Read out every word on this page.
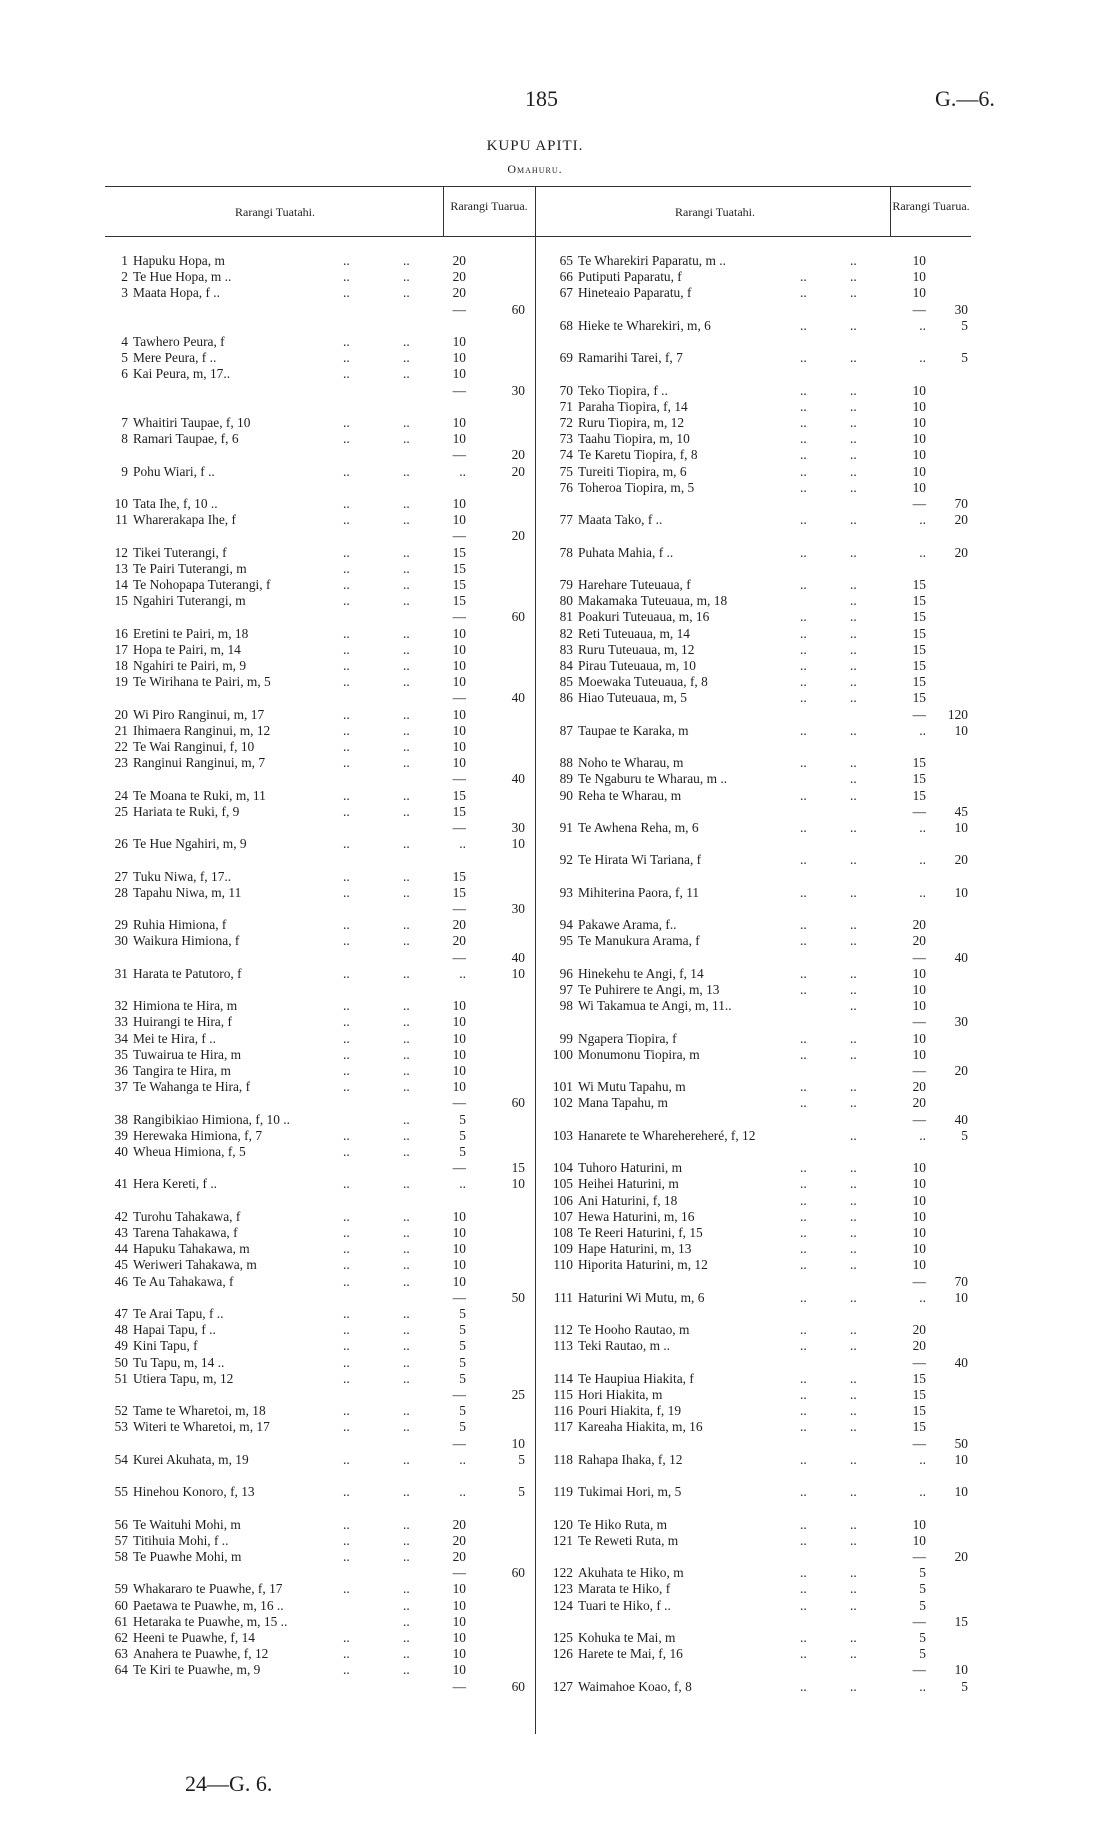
185	G.—6.
KUPU APITI.
Omahuru.
Rarangi Tuatahi.	Rarangi Tuarua.	Rarangi Tuatahi.	Rarangi Tuarua.
1 Hapuku Hopa, m	..	..	20
2 Te Hue Hopa, m ..	..	..	20
3 Maata Hopa, f ..	..	..	20
—	60
4 Tawhero Peura, f	..	..	10
5 Mere Peura, f ..	..	..	10
6 Kai Peura, m, 17..	..	..	10
—	30
7 Whaitiri Taupae, f, 10	..	..	10
8 Ramari Taupae, f, 6	..	..	10
—	20
9 Pohu Wiari, f ..	..	..	..	20
10 Tata Ihe, f, 10 ..	..	..	10
11 Wharerakapa Ihe, f	..	..	10
—	20
12 Tikei Tuterangi, f	..	..	15
13 Te Pairi Tuterangi, m	..	..	15
14 Te Nohopapa Tuterangi, f	..	..	15
15 Ngahiri Tuterangi, m	..	..	15
—	60
16 Eretini te Pairi, m, 18	..	..	10
17 Hopa te Pairi, m, 14	..	..	10
18 Ngahiri te Pairi, m, 9	..	..	10
19 Te Wirihana te Pairi, m, 5	..	..	10
—	40
20 Wi Piro Ranginui, m, 17	..	..	10
21 Ihimaera Ranginui, m, 12	..	..	10
22 Te Wai Ranginui, f, 10	..	..	10
23 Ranginui Ranginui, m, 7	..	..	10
—	40
24 Te Moana te Ruki, m, 11	..	..	15
25 Hariata te Ruki, f, 9	..	..	15
—	30
26 Te Hue Ngahiri, m, 9	..	..	..	10
27 Tuku Niwa, f, 17..	..	..	15
28 Tapahu Niwa, m, 11	..	..	15
—	30
29 Ruhia Himiona, f	..	..	20
30 Waikura Himiona, f	..	..	20
—	40
31 Harata te Patutoro, f	..	..	..	10
32 Himiona te Hira, m	..	..	10
33 Huirangi te Hira, f	..	..	10
34 Mei te Hira, f ..	..	..	10
35 Tuwairua te Hira, m	..	..	10
36 Tangira te Hira, m	..	..	10
37 Te Wahanga te Hira, f	..	..	10
—	60
38 Rangibikiao Himiona, f, 10 ..	..	5
39 Herewaka Himiona, f, 7	..	..	5
40 Wheua Himiona, f, 5	..	..	5
—	15
41 Hera Kereti, f ..	..	..	..	10
42 Turohu Tahakawa, f	..	..	10
43 Tarena Tahakawa, f	..	..	10
44 Hapuku Tahakawa, m	..	..	10
45 Weriweri Tahakawa, m	..	..	10
46 Te Au Tahakawa, f	..	..	10
—	50
47 Te Arai Tapu, f ..	..	..	5
48 Hapai Tapu, f ..	..	..	5
49 Kini Tapu, f	..	..	5
50 Tu Tapu, m, 14 ..	..	..	5
51 Utiera Tapu, m, 12	..	..	5
—	25
52 Tame te Wharetoi, m, 18	..	..	5
53 Witeri te Wharetoi, m, 17	..	..	5
—	10
54 Kurei Akuhata, m, 19	..	..	..	5
55 Hinehou Konoro, f, 13	..	..	..	5
56 Te Waituhi Mohi, m	..	..	20
57 Titihuia Mohi, f ..	..	..	20
58 Te Puawhe Mohi, m	..	..	20
—	60
59 Whakararo te Puawhe, f, 17	..	..	10
60 Paetawa te Puawhe, m, 16 ..	..	10
61 Hetaraka te Puawhe, m, 15 ..	..	10
62 Heeni te Puawhe, f, 14	..	..	10
63 Anahera te Puawhe, f, 12	..	..	10
64 Te Kiri te Puawhe, m, 9	..	..	10
—	60
65 Te Wharekiri Paparatu, m ..	..	10
66 Putiputi Paparatu, f	..	..	10
67 Hineteaio Paparatu, f	..	..	10
—	30
68 Hieke te Wharekiri, m, 6	..	..	..	5
69 Ramarihi Tarei, f, 7	..	..	..	5
70 Teko Tiopira, f ..	..	..	10
71 Paraha Tiopira, f, 14	..	..	10
72 Ruru Tiopira, m, 12	..	..	10
73 Taahu Tiopira, m, 10	..	..	10
74 Te Karetu Tiopira, f, 8	..	..	10
75 Tureiti Tiopira, m, 6	..	..	10
76 Toheroa Tiopira, m, 5	..	..	10
—	70
77 Maata Tako, f ..	..	..	..	20
78 Puhata Mahia, f ..	..	..	..	20
79 Harehare Tuteuaua, f	..	..	15
80 Makamaka Tuteuaua, m, 18	..	15
81 Poakuri Tuteuaua, m, 16	..	..	15
82 Reti Tuteuaua, m, 14	..	..	15
83 Ruru Tuteuaua, m, 12	..	..	15
84 Pirau Tuteuaua, m, 10	..	..	15
85 Moewaka Tuteuaua, f, 8	..	..	15
86 Hiao Tuteuaua, m, 5	..	..	15
—	120
87 Taupae te Karaka, m	..	..	..	10
88 Noho te Wharau, m	..	..	15
89 Te Ngaburu te Wharau, m ..	..	15
90 Reha te Wharau, m	..	..	15
—	45
91 Te Awhena Reha, m, 6	..	..	..	10
92 Te Hirata Wi Tariana, f	..	..	..	20
93 Mihiterina Paora, f, 11	..	..	..	10
94 Pakawe Arama, f..	..	..	20
95 Te Manukura Arama, f	..	..	20
—	40
96 Hinekehu te Angi, f, 14	..	..	10
97 Te Puhirere te Angi, m, 13	..	..	10
98 Wi Takamua te Angi, m, 11..	..	10
—	30
99 Ngapera Tiopira, f	..	..	10
100 Monumonu Tiopira, m	..	..	10
—	20
101 Wi Mutu Tapahu, m	..	..	20
102 Mana Tapahu, m	..	..	20
—	40
103 Hanarete te Wharehereheré, f, 12	..	..	5
104 Tuhoro Haturini, m	..	..	10
105 Heihei Haturini, m	..	..	10
106 Ani Haturini, f, 18	..	..	10
107 Hewa Haturini, m, 16	..	..	10
108 Te Reeri Haturini, f, 15	..	..	10
109 Hape Haturini, m, 13	..	..	10
110 Hiporita Haturini, m, 12	..	..	10
—	70
111 Haturini Wi Mutu, m, 6	..	..	..	10
112 Te Hooho Rautao, m	..	..	20
113 Teki Rautao, m ..	..	..	20
—	40
114 Te Haupiua Hiakita, f	..	..	15
115 Hori Hiakita, m	..	..	15
116 Pouri Hiakita, f, 19	..	..	15
117 Kareaha Hiakita, m, 16	..	..	15
—	50
118 Rahapa Ihaka, f, 12	..	..	..	10
119 Tukimai Hori, m, 5	..	..	..	10
120 Te Hiko Ruta, m	..	..	10
121 Te Reweti Ruta, m	..	..	10
—	20
122 Akuhata te Hiko, m	..	..	5
123 Marata te Hiko, f	..	..	5
124 Tuari te Hiko, f ..	..	..	5
—	15
125 Kohuka te Mai, m	..	..	5
126 Harete te Mai, f, 16	..	..	5
—	10
127 Waimahoe Koao, f, 8	..	..	..	5
24—G. 6.
